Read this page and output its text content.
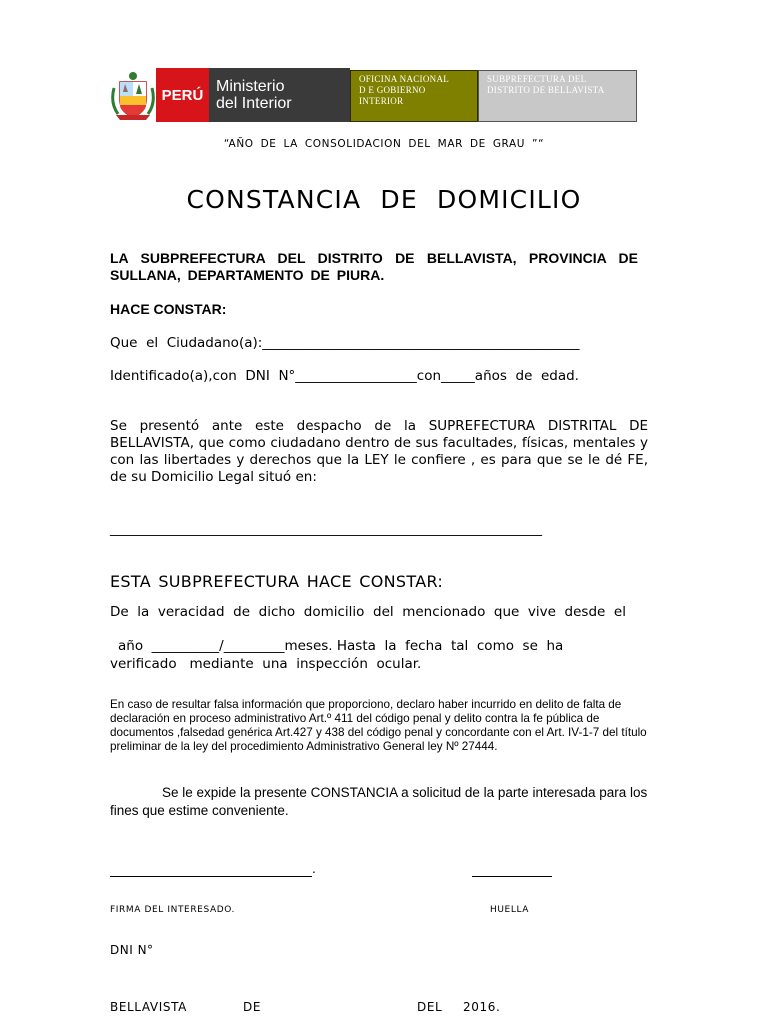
PERÚ Ministerio
del Interior
OFICINA NACIONAL
D E GOBIERNO
INTERIOR
SUBPREFECTURA DEL
DISTRITO DE BELLAVISTA
“AÑO DE LA CONSOLIDACION DEL MAR DE GRAU ”“
CONSTANCIA DE DOMICILIO
LA SUBPREFECTURA DEL DISTRITO DE BELLAVISTA, PROVINCIA DE SULLANA, DEPARTAMENTO DE PIURA.
HACE CONSTAR:
Que  el  Ciudadano(a):_______________________________________________
Identificado(a),con  DNI  N°__________________con_____años  de  edad.
Se presentó ante este despacho de la SUPREFECTURA DISTRITAL DE BELLAVISTA, que como ciudadano dentro de sus facultades, físicas, mentales y con las libertades y derechos que la LEY le confiere , es para que se le dé FE, de su Domicilio Legal situó en:
________________________________________________________________
ESTA SUBPREFECTURA HACE CONSTAR:
De  la  veracidad  de  dicho  domicilio  del  mencionado  que  vive  desde  el
año  __________/_________meses. Hasta  la  fecha  tal  como  se  ha
verificado   mediante  una  inspección  ocular.
En caso de resultar falsa información que proporciono, declaro haber incurrido en delito de falta de declaración en proceso administrativo Art.º 411 del código penal y delito contra la fe pública de documentos ,falsedad genérica Art.427 y 438 del código penal y concordante con el Art. IV-1-7 del título preliminar de la ley del procedimiento Administrativo General ley Nº 27444.
Se le expide la presente CONSTANCIA a solicitud de la parte interesada para los fines que estime conveniente.
.
FIRMA DEL INTERESADO.	HUELLA
DNI N°
BELLAVISTA	DE	DEL 2016.
